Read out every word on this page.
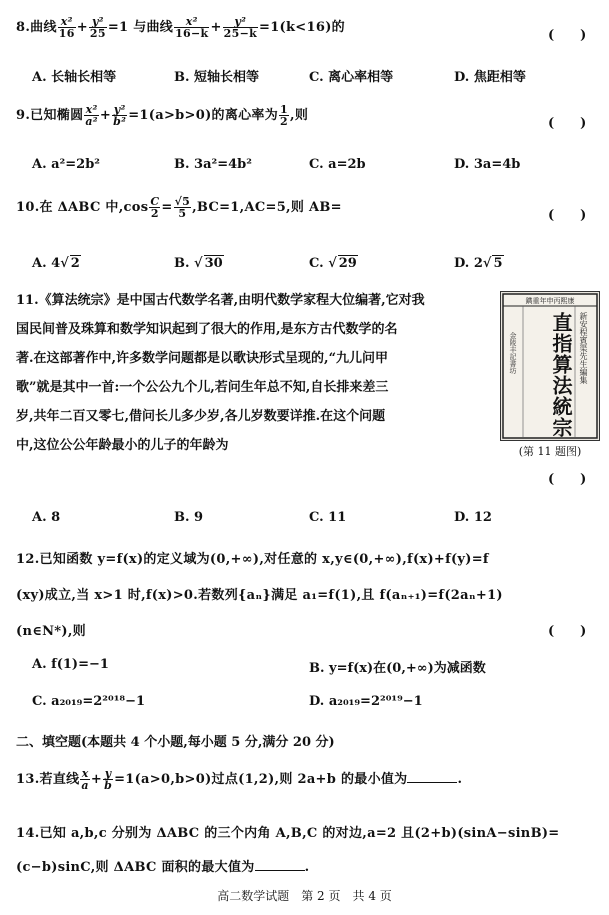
8.曲线 $\frac{\text{x²}}{16} + \frac{\text{y²}}{25} =1$ 与曲线 $\frac{\text{x²}}{16-k} + \frac{\text{y²}}{25-k} =1(k<16)$的
(　　)
A. 长轴长相等	B. 短轴长相等	C. 离心率相等	D. 焦距相等
9.已知椭圆 $\frac{\text{x²}}{\text{a²}} + \frac{\text{y²}}{\text{b²}} =1(a>b>0)$的离心率为 $\frac{1}{2}$ ,则
(　　)
A. a²=2b²	B. 3a²=4b²	C. a=2b	D. 3a=4b
10.在 ΔABC 中$,\cos \frac{C}{2} = \frac{√5}{5} ,BC=1,AC=5$,则 AB=
(　　)
A. 4√ 2	B. √ 30	C. √ 29	D. 2√ 5
11.《算法统宗》是中国古代数学名著,由明代数学家程大位编著,它对我
国民间普及珠算和数学知识起到了很大的作用,是东方古代数学的名
著.在这部著作中,许多数学问题都是以歌诀形式呈现的,“九儿问甲
歌”就是其中一首:一个公公九个儿,若问生年总不知,自长排来差三
岁,共年二百又零七,借问长儿多少岁,各儿岁数要详推.在这个问题
中,这位公公年龄最小的儿子的年龄为
鐫重年申丙熙康
直指算法統宗 新安程賓渠先生編集
金陵丰記書坊
(第 11 题图)
(　　)
A. 8	B. 9	C. 11	D. 12
12.已知函数 y=f(x)的定义域为(0,+∞),对任意的 x,y∈(0,+∞),f(x)+f(y)=f
(xy)成立,当 x>1 时,f(x)>0.若数列{aₙ}满足 a₁=f(1),且 f(aₙ₊₁)=f(2aₙ+1)
(n∈N*),则	(　　)
A. f(1)=−1	B. y=f(x)在(0,+∞)为减函数
C. a₂₀₁₉=2²⁰¹⁸−1	D. a₂₀₁₉=2²⁰¹⁹−1
二、填空题(本题共 4 个小题,每小题 5 分,满分 20 分)
13.若直线 $\frac{x}{a} + \frac{y}{b} =1(a>0,b>0)$过点(1,2),则 2a+b 的最小值为	.
14.已知 a,b,c 分别为 ΔABC 的三个内角 A,B,C 的对边,a=2 且(2+b)(sinA−sinB)=
(c−b)sinC,则 ΔABC 面积的最大值为	.
高二数学试题　第 2 页　共 4 页
